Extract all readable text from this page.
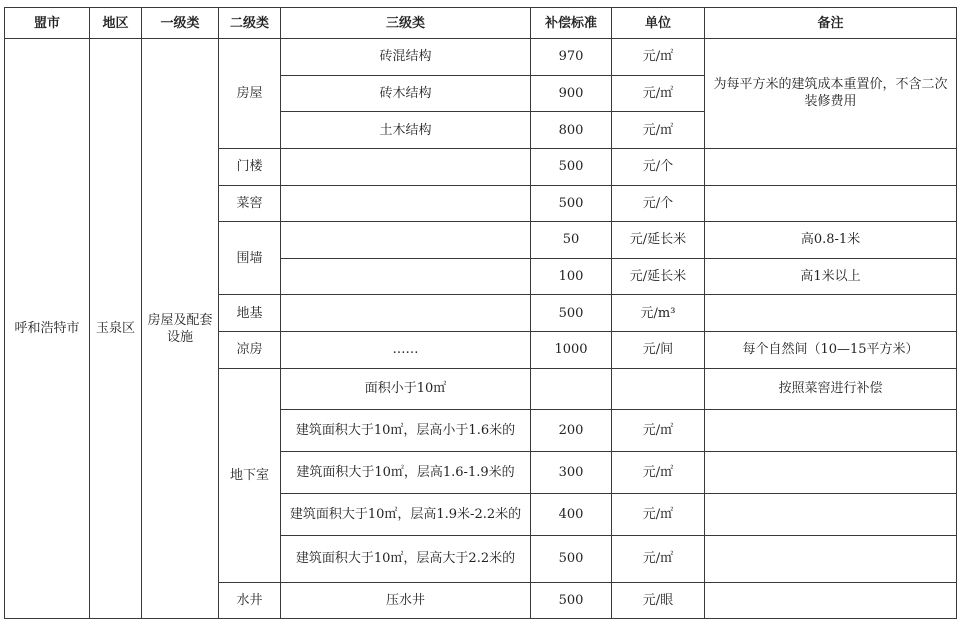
盟市	地区	一级类	二级类	三级类	补偿标准	单位	备注
呼和浩特市	玉泉区	房屋及配套设施	房屋	砖混结构	970	元/㎡	为每平方米的建筑成本重置价，不含二次装修费用
				砖木结构	900	元/㎡	
				土木结构	800	元/㎡	
			门楼		500	元/个	
			菜窖		500	元/个	
			围墙		50	元/延长米	高0.8-1米
					100	元/延长米	高1米以上
			地基		500	元/m³	
			凉房	……	1000	元/间	每个自然间（10—15平方米）
			地下室	面积小于10㎡			按照菜窖进行补偿
				建筑面积大于10㎡，层高小于1.6米的	200	元/㎡	
				建筑面积大于10㎡，层高1.6-1.9米的	300	元/㎡	
				建筑面积大于10㎡，层高1.9米-2.2米的	400	元/㎡	
				建筑面积大于10㎡，层高大于2.2米的	500	元/㎡	
			水井	压水井	500	元/眼	
